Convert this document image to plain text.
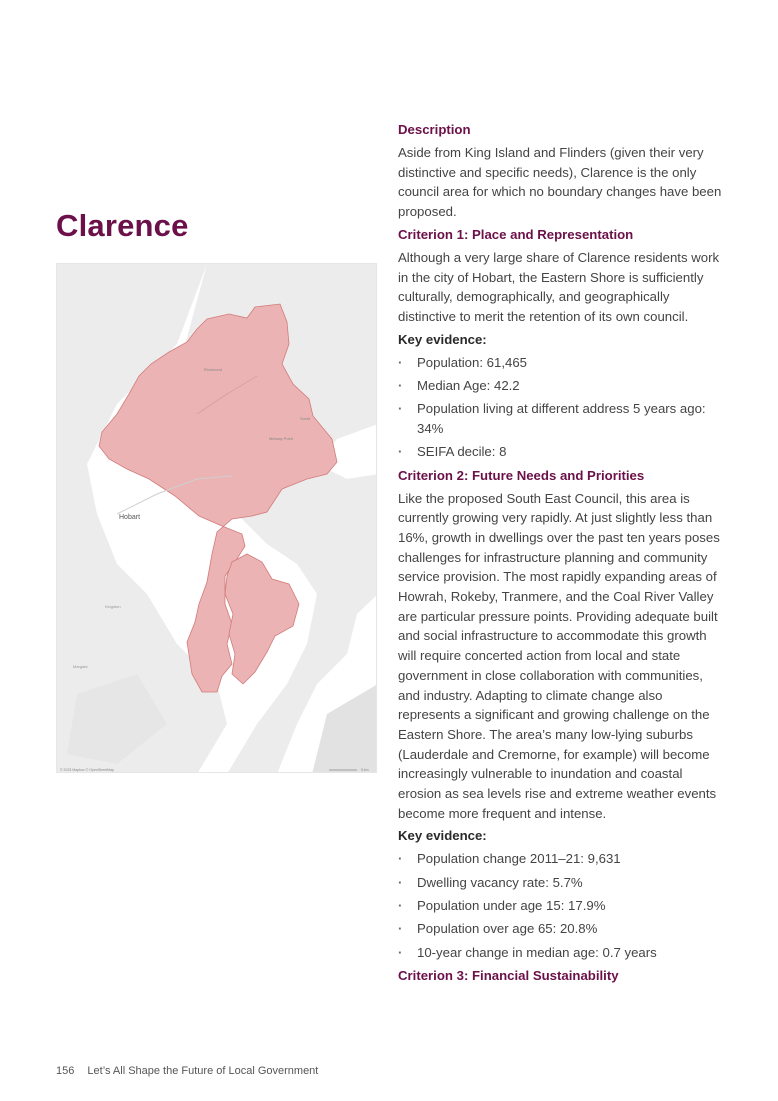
Clarence
Hobart
Richmond
Sorell
Midway Point
Kingston
Margate
© 2023 Mapbox © OpenStreetMap	5 km
Description

Aside from King Island and Flinders (given their very distinctive and specific needs), Clarence is the only council area for which no boundary changes have been proposed.

Criterion 1: Place and Representation

Although a very large share of Clarence residents work in the city of Hobart, the Eastern Shore is sufficiently culturally, demographically, and geographically distinctive to merit the retention of its own council.

Key evidence:
· Population: 61,465
· Median Age: 42.2
· Population living at different address 5 years ago: 34%
· SEIFA decile: 8
Criterion 2: Future Needs and Priorities

Like the proposed South East Council, this area is currently growing very rapidly. At just slightly less than 16%, growth in dwellings over the past ten years poses challenges for infrastructure planning and community service provision. The most rapidly expanding areas of Howrah, Rokeby, Tranmere, and the Coal River Valley are particular pressure points. Providing adequate built and social infrastructure to accommodate this growth will require concerted action from local and state government in close collaboration with communities, and industry. Adapting to climate change also represents a significant and growing challenge on the Eastern Shore. The area’s many low-lying suburbs (Lauderdale and Cremorne, for example) will become increasingly vulnerable to inundation and coastal erosion as sea levels rise and extreme weather events become more frequent and intense.

Key evidence:
· Population change 2011–21: 9,631
· Dwelling vacancy rate: 5.7%
· Population under age 15: 17.9%
· Population over age 65: 20.8%
· 10-year change in median age: 0.7 years
Criterion 3: Financial Sustainability
156 Let’s All Shape the Future of Local Government
